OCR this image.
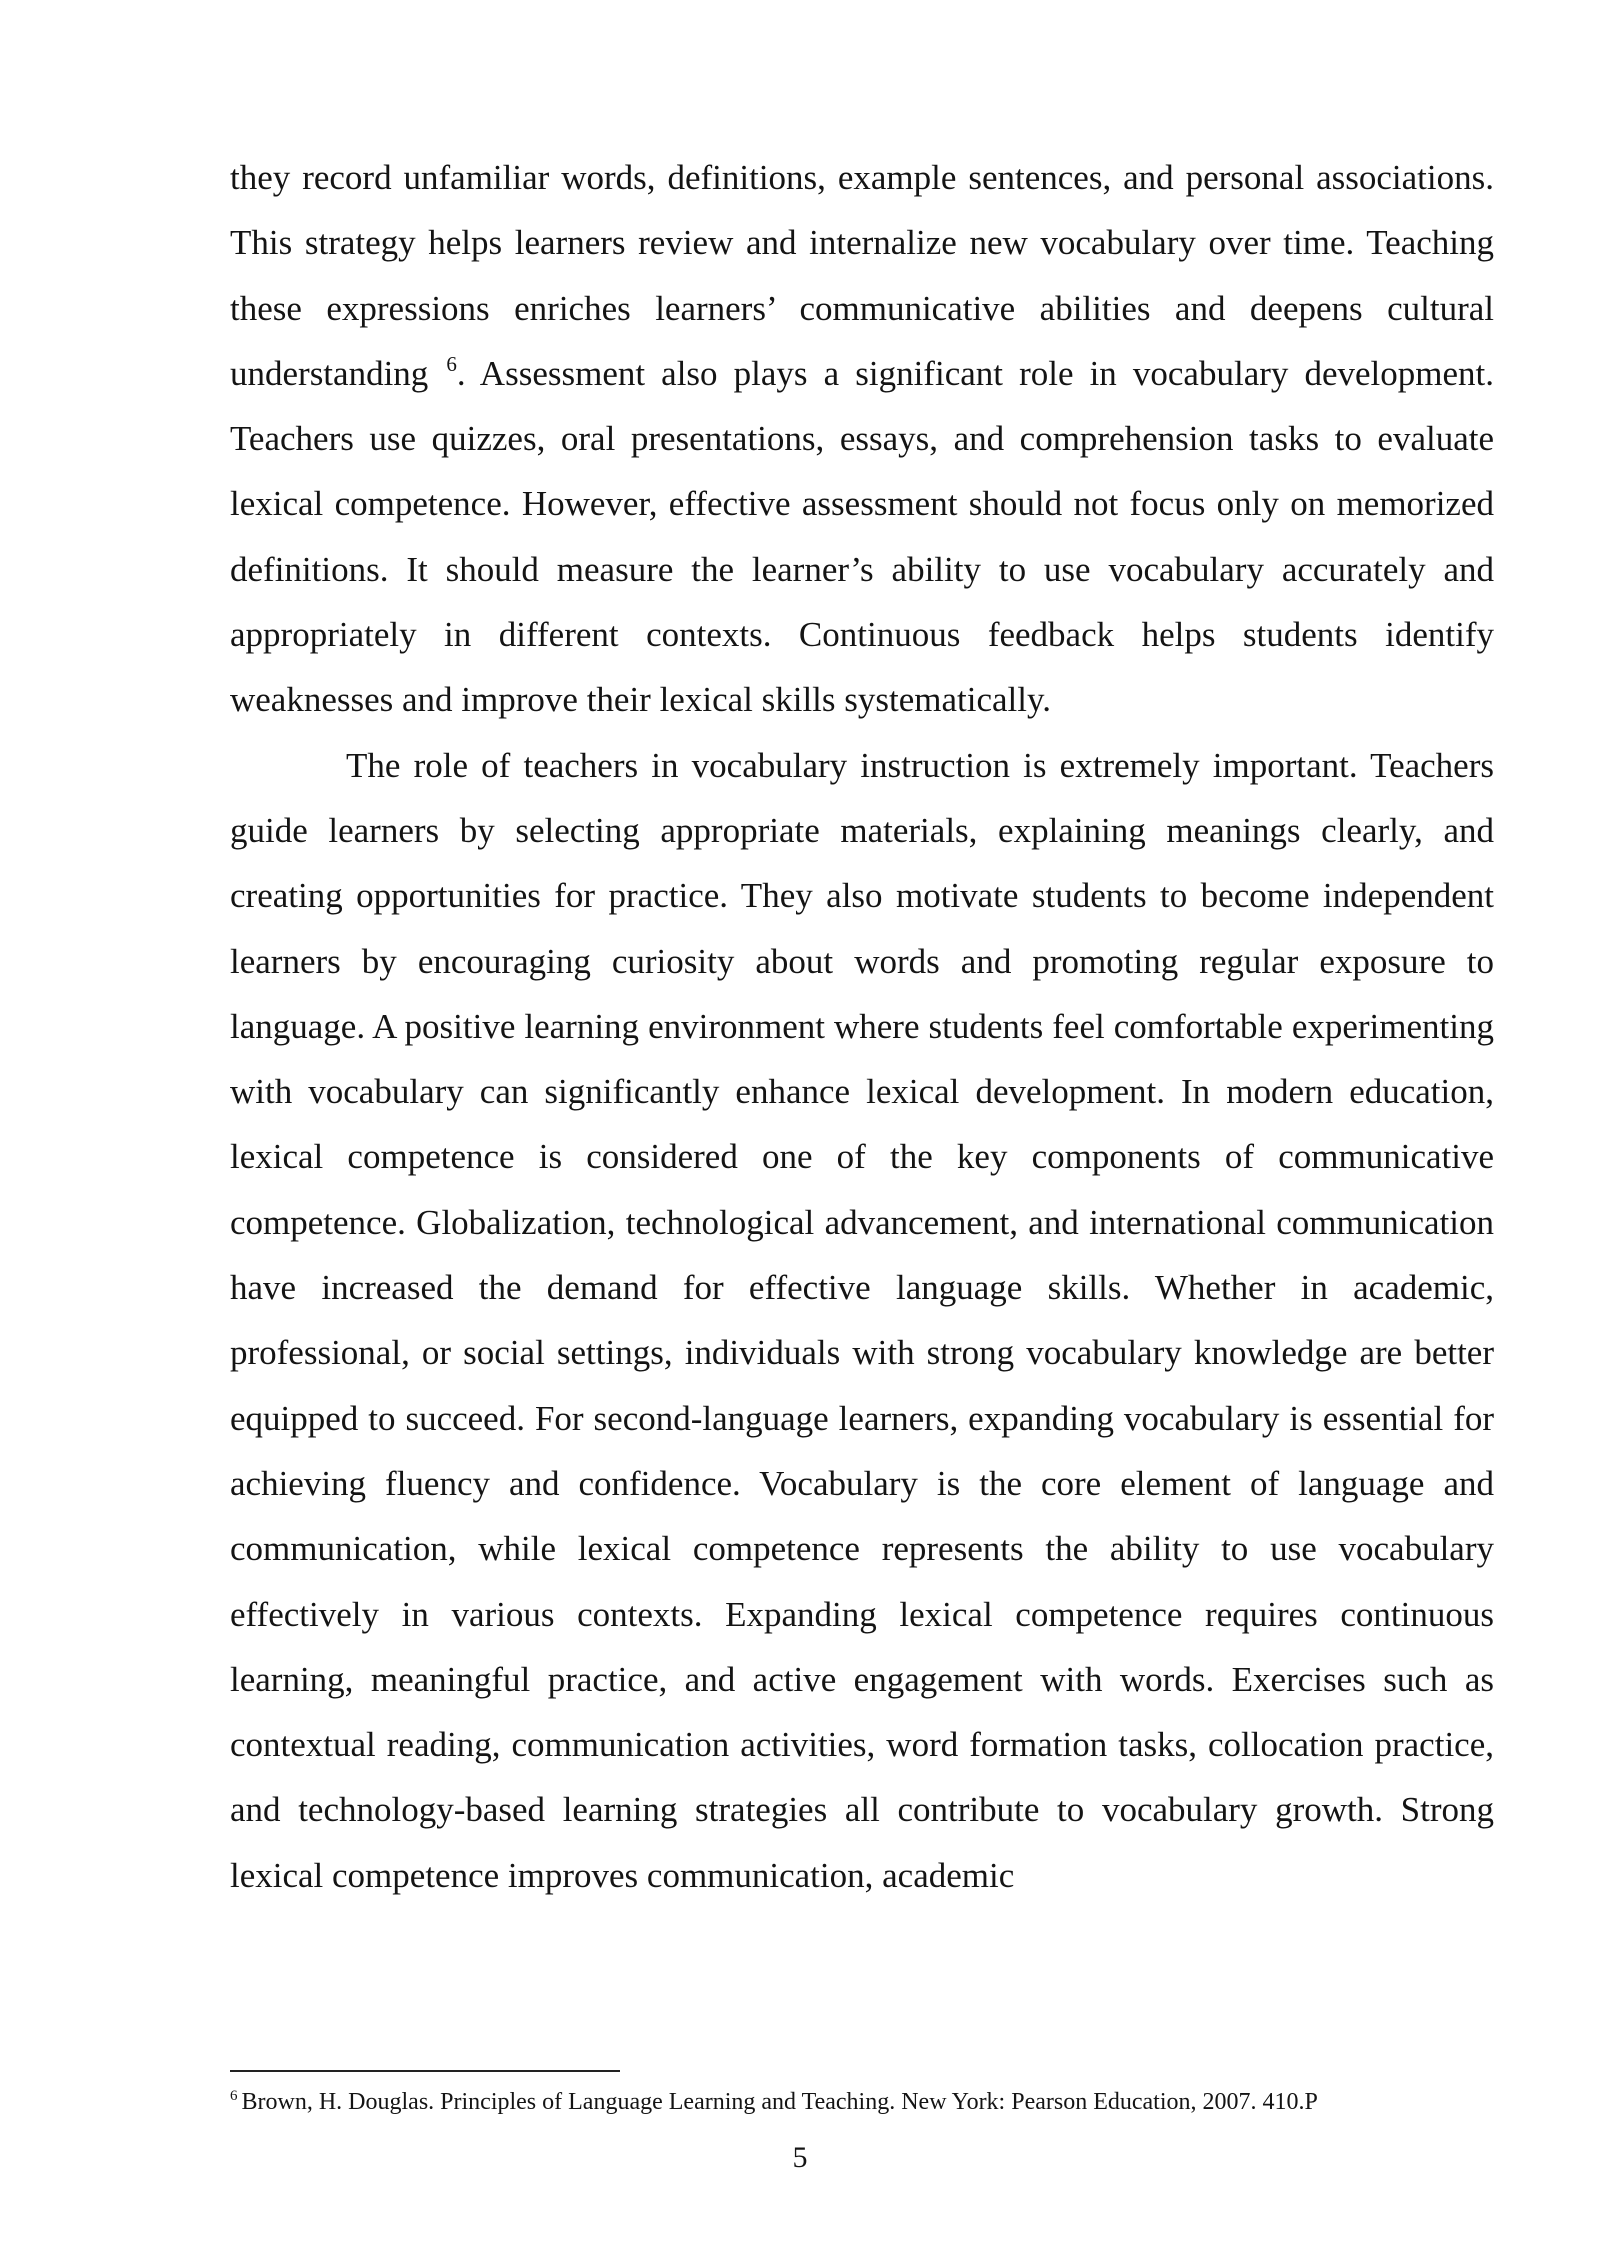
they record unfamiliar words, definitions, example sentences, and personal associations. This strategy helps learners review and internalize new vocabulary over time. Teaching these expressions enriches learners’ communicative abilities and deepens cultural understanding $^6$. Assessment also plays a significant role in vocabulary development. Teachers use quizzes, oral presentations, essays, and comprehension tasks to evaluate lexical competence. However, effective assessment should not focus only on memorized definitions. It should measure the learner’s ability to use vocabulary accurately and appropriately in different contexts. Continuous feedback helps students identify weaknesses and improve their lexical skills systematically.

The role of teachers in vocabulary instruction is extremely important. Teachers guide learners by selecting appropriate materials, explaining meanings clearly, and creating opportunities for practice. They also motivate students to become independent learners by encouraging curiosity about words and promoting regular exposure to language. A positive learning environment where students feel comfortable experimenting with vocabulary can significantly enhance lexical development. In modern education, lexical competence is considered one of the key components of communicative competence. Globalization, technological advancement, and international communication have increased the demand for effective language skills. Whether in academic, professional, or social settings, individuals with strong vocabulary knowledge are better equipped to succeed. For second-language learners, expanding vocabulary is essential for achieving fluency and confidence. Vocabulary is the core element of language and communication, while lexical competence represents the ability to use vocabulary effectively in various contexts. Expanding lexical competence requires continuous learning, meaningful practice, and active engagement with words. Exercises such as contextual reading, communication activities, word formation tasks, collocation practice, and technology-based learning strategies all contribute to vocabulary growth. Strong lexical competence improves communication, academic

$^6$ Brown, H. Douglas. Principles of Language Learning and Teaching. New York: Pearson Education, 2007. 410.P
5
